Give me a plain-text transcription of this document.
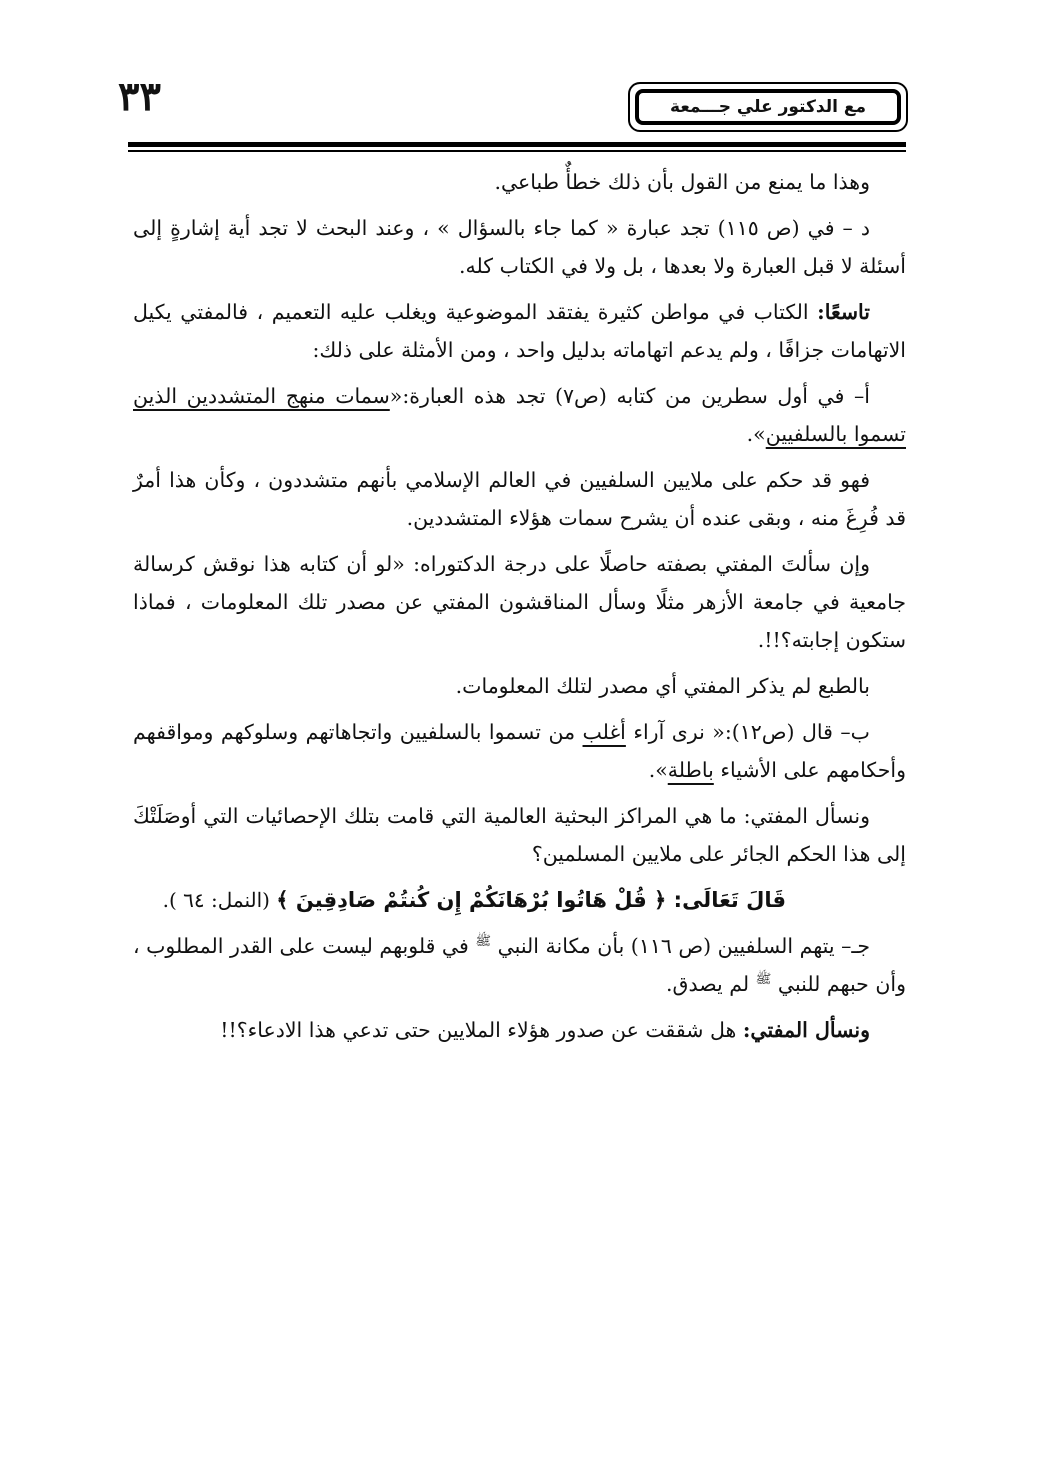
٣٣	مع الدكتور علي جـــمعة

وهذا ما يمنع من القول بأن ذلك خطأٌ طباعي.

د – في (ص ١١٥) تجد عبارة « كما جاء بالسؤال » ، وعند البحث لا تجد أية إشارةٍ إلى أسئلة لا قبل العبارة ولا بعدها ، بل ولا في الكتاب كله.

تاسعًا: الكتاب في مواطن كثيرة يفتقد الموضوعية ويغلب عليه التعميم ، فالمفتي يكيل الاتهامات جزافًا ، ولم يدعم اتهاماته بدليل واحد ، ومن الأمثلة على ذلك:

أ– في أول سطرين من كتابه (ص٧) تجد هذه العبارة:«سمات منهج المتشددين الذين تسموا بالسلفيين».

فهو قد حكم على ملايين السلفيين في العالم الإسلامي بأنهم متشددون ، وكأن هذا أمرٌ قد فُرِغَ منه ، وبقى عنده أن يشرح سمات هؤلاء المتشددين.

وإن سألتَ المفتي بصفته حاصلًا على درجة الدكتوراه: «لو أن كتابه هذا نوقش كرسالة جامعية في جامعة الأزهر مثلًا وسأل المناقشون المفتي عن مصدر تلك المعلومات ، فماذا ستكون إجابته؟!!.

بالطبع لم يذكر المفتي أي مصدر لتلك المعلومات.

ب– قال (ص١٢):« نرى آراء أغلب من تسموا بالسلفيين واتجاهاتهم وسلوكهم ومواقفهم وأحكامهم على الأشياء باطلة».

ونسأل المفتي: ما هي المراكز البحثية العالمية التي قامت بتلك الإحصائيات التي أوصَلَتْكَ إلى هذا الحكم الجائر على ملايين المسلمين؟

قَالَ تَعَالَى: ﴿ قُلْ هَاتُوا بُرْهَانَكُمْ إِن كُنتُمْ صَادِقِينَ ﴾ (النمل: ٦٤ ).

جـ– يتهم السلفيين (ص ١١٦) بأن مكانة النبي $^ﷺ$ في قلوبهم ليست على القدر المطلوب ، وأن حبهم للنبي $^ﷺ$ لم يصدق.

ونسأل المفتي: هل شققت عن صدور هؤلاء الملايين حتى تدعي هذا الادعاء؟!!
